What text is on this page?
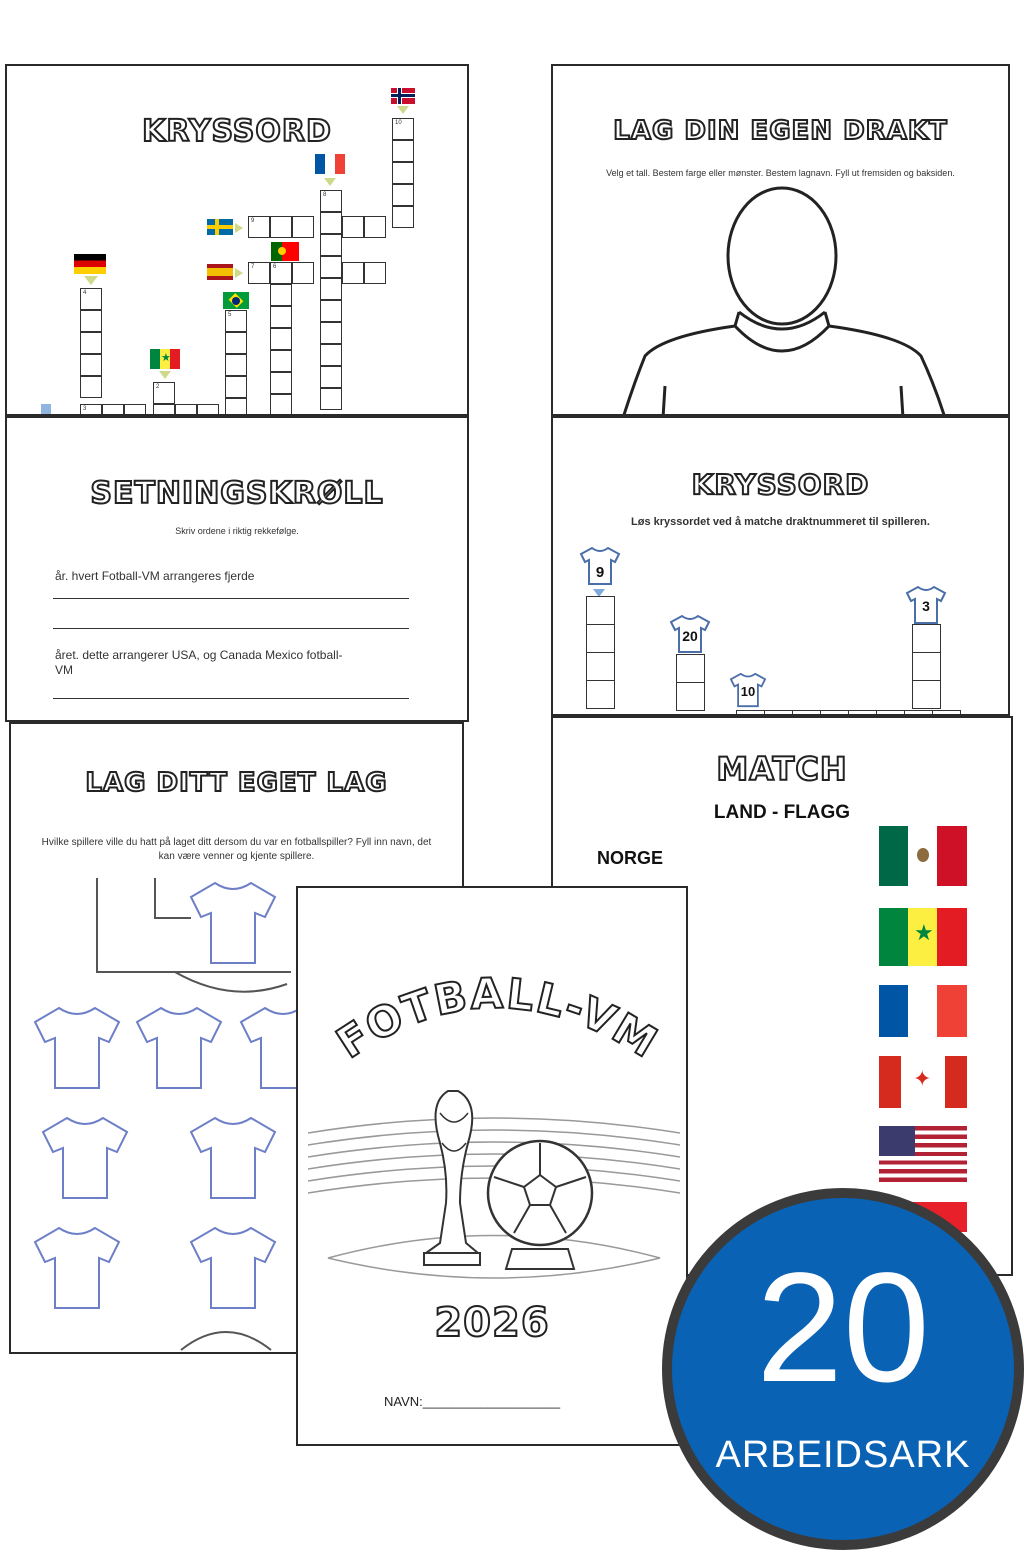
KRYSSORD	10
8
9
7	6
4
5
★
2
3
LAG DIN EGEN DRAKT
Velg et tall. Bestem farge eller mønster. Bestem lagnavn. Fyll ut fremsiden og baksiden.
SETNINGSKRØLL
Skriv ordene i riktig rekkefølge.
år. hvert Fotball-VM arrangeres fjerde
året. dette arrangerer USA, og Canada Mexico fotball-VM
KRYSSORD
Løs kryssordet ved å matche draktnummeret til spilleren.
9
20
10
3
LAG DITT EGET LAG
Hvilke spillere ville du hatt på laget ditt dersom du var en fotballspiller? Fyll inn navn, det kan være venner og kjente spillere.
MATCH
LAND - FLAGG
NORGE
★
✦
FOTBALL-VM
2026
NAVN:___________________	20
ARBEIDSARK
